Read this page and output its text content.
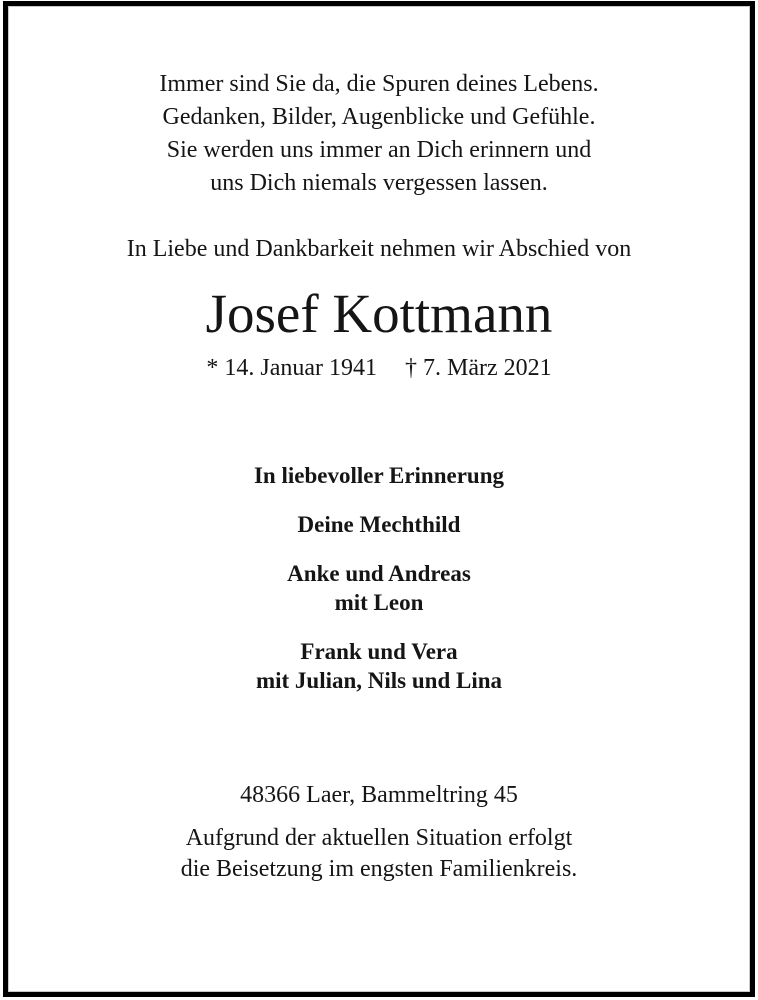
Immer sind Sie da, die Spuren deines Lebens.
Gedanken, Bilder, Augenblicke und Gefühle.
Sie werden uns immer an Dich erinnern und
uns Dich niemals vergessen lassen.
In Liebe und Dankbarkeit nehmen wir Abschied von
Josef Kottmann
* 14. Januar 1941 † 7. März 2021
In liebevoller Erinnerung
Deine Mechthild
Anke und Andreas
mit Leon
Frank und Vera
mit Julian, Nils und Lina
48366 Laer, Bammeltring 45
Aufgrund der aktuellen Situation erfolgt
die Beisetzung im engsten Familienkreis.
